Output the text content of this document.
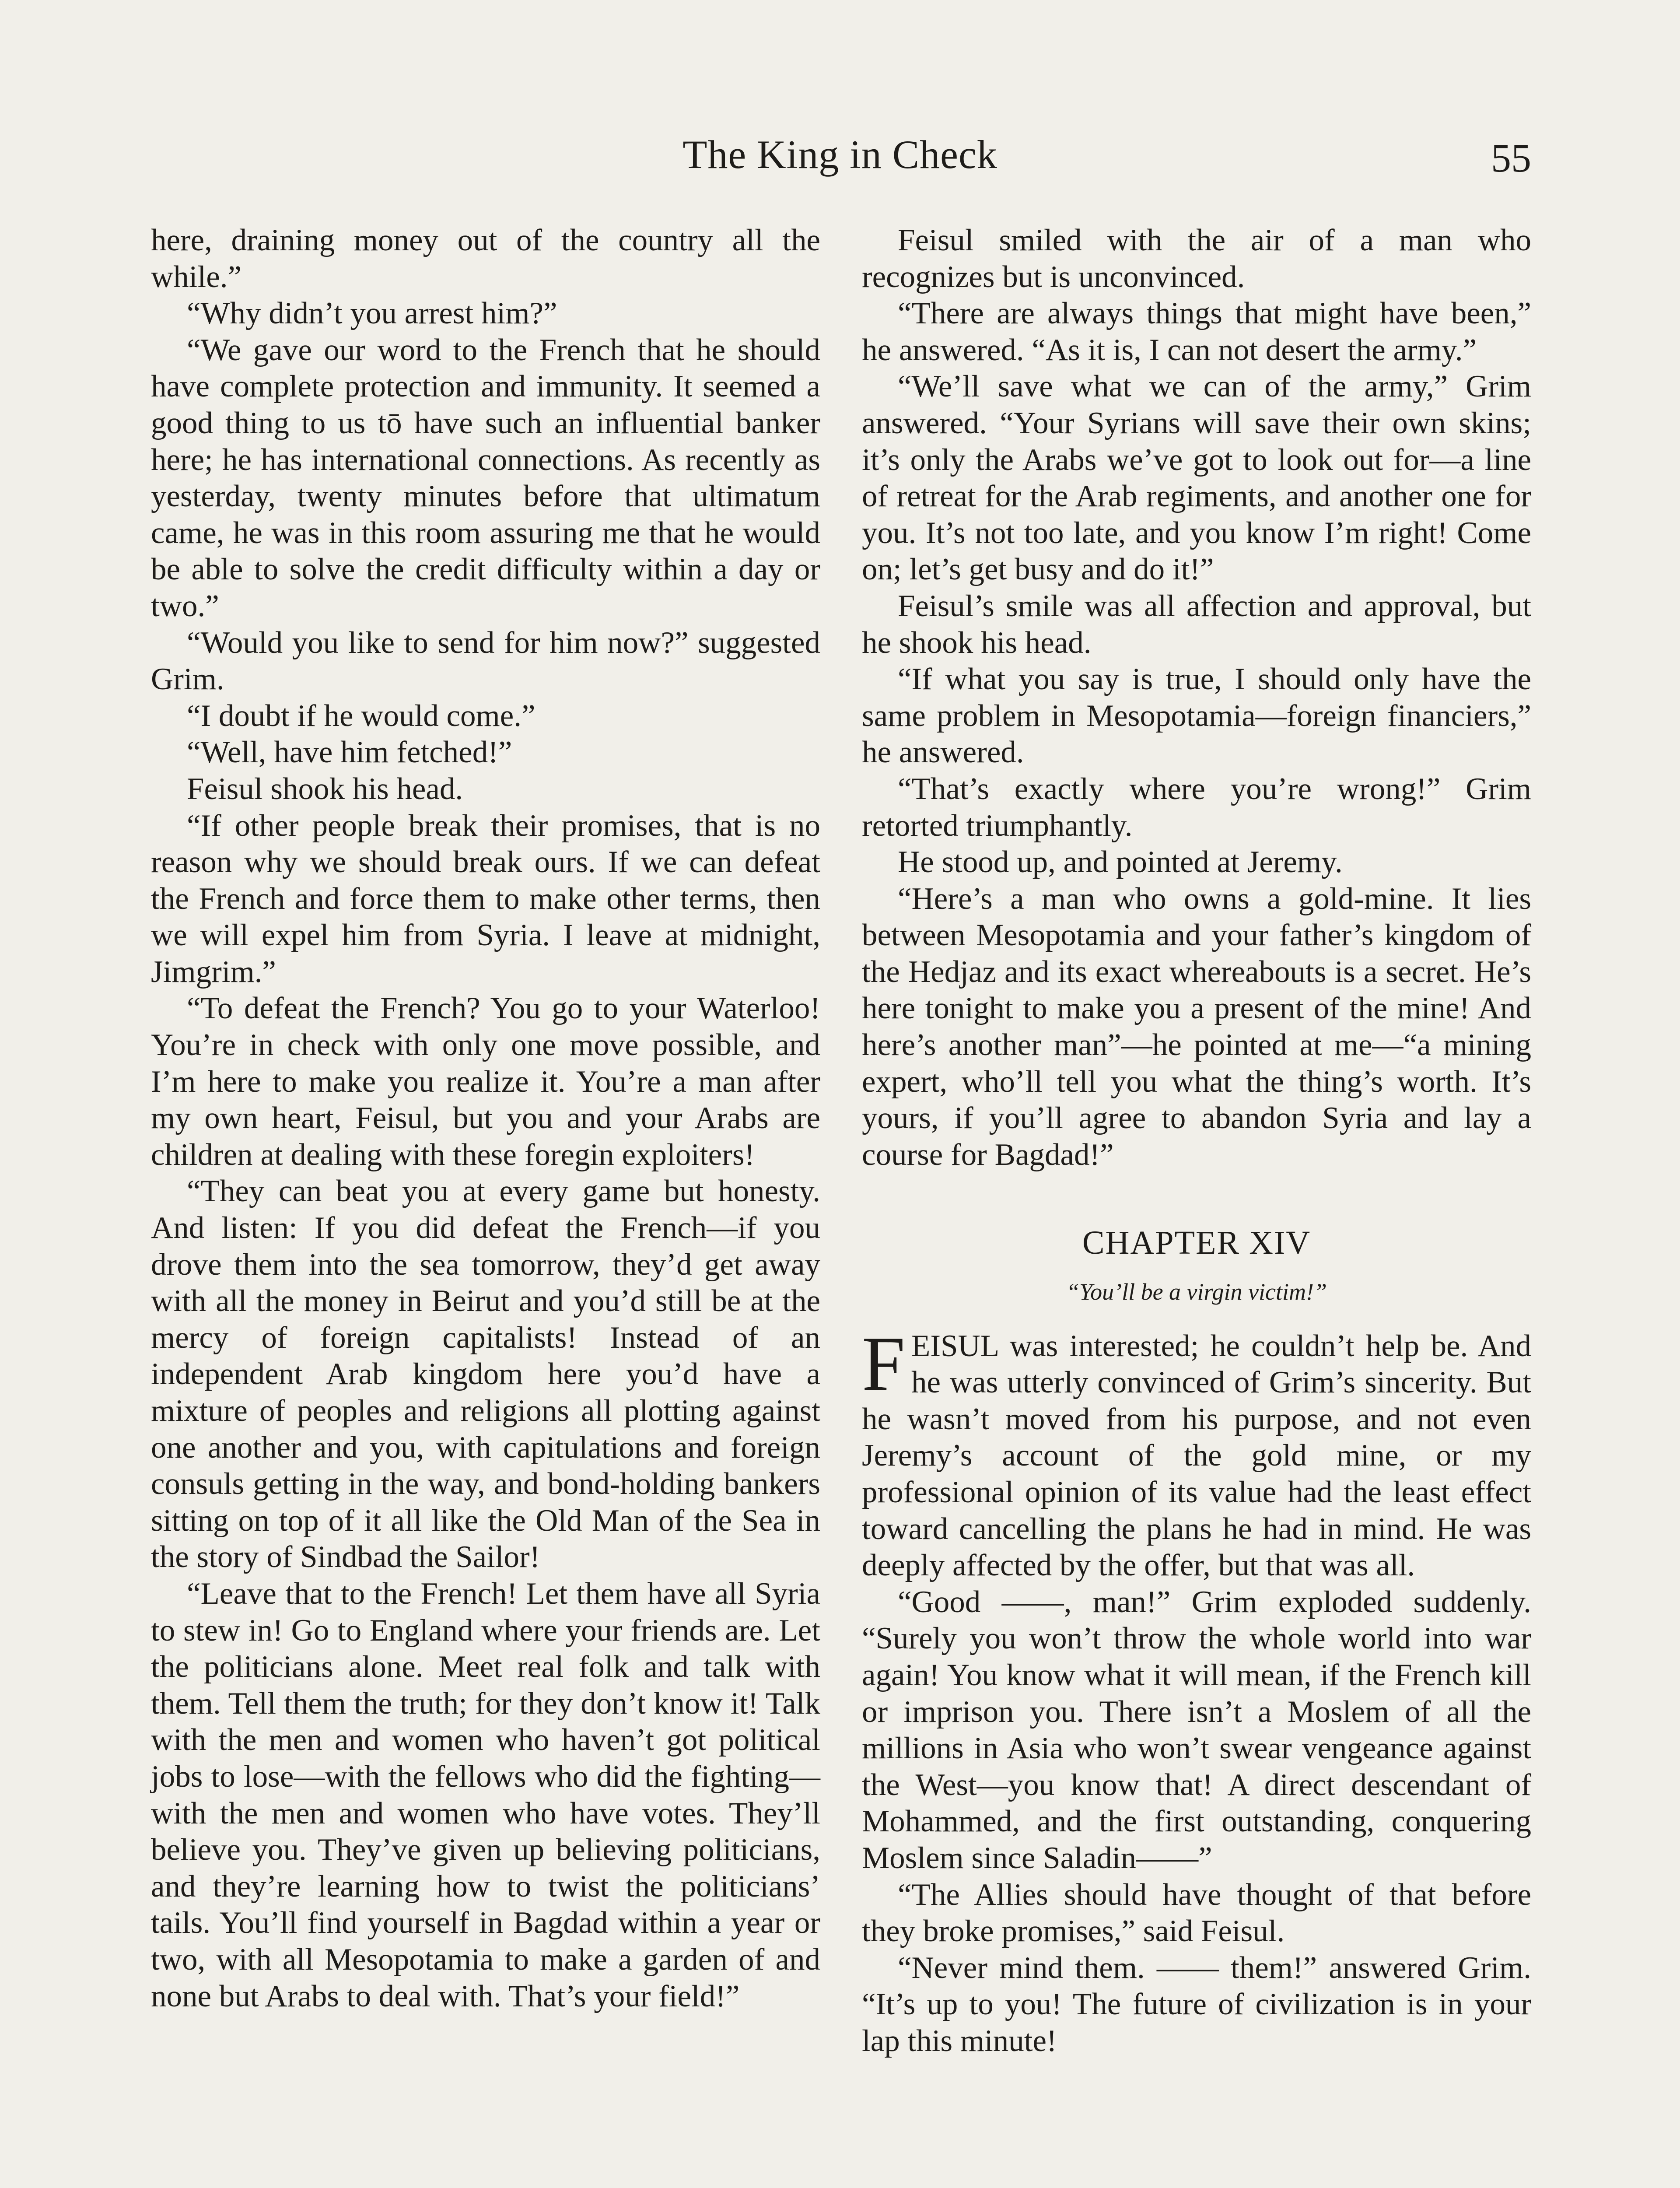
The King in Check	55

here, draining money out of the country all the while.”

“Why didn’t you arrest him?”

“We gave our word to the French that he should have complete protection and immunity. It seemed a good thing to us tō have such an influential banker here; he has international connections. As recently as yesterday, twenty minutes before that ultimatum came, he was in this room assuring me that he would be able to solve the credit difficulty within a day or two.”

“Would you like to send for him now?” suggested Grim.

“I doubt if he would come.”

“Well, have him fetched!”

Feisul shook his head.

“If other people break their promises, that is no reason why we should break ours. If we can defeat the French and force them to make other terms, then we will expel him from Syria. I leave at midnight, Jimgrim.”

“To defeat the French? You go to your Waterloo! You’re in check with only one move possible, and I’m here to make you realize it. You’re a man after my own heart, Feisul, but you and your Arabs are children at dealing with these foregin exploiters!

“They can beat you at every game but honesty. And listen: If you did defeat the French—if you drove them into the sea tomorrow, they’d get away with all the money in Beirut and you’d still be at the mercy of foreign capitalists! Instead of an independent Arab kingdom here you’d have a mixture of peoples and religions all plotting against one another and you, with capitulations and foreign consuls getting in the way, and bond-holding bankers sitting on top of it all like the Old Man of the Sea in the story of Sindbad the Sailor!

“Leave that to the French! Let them have all Syria to stew in! Go to England where your friends are. Let the politicians alone. Meet real folk and talk with them. Tell them the truth; for they don’t know it! Talk with the men and women who haven’t got political jobs to lose—with the fellows who did the fighting—with the men and women who have votes. They’ll believe you. They’ve given up believing politicians, and they’re learning how to twist the politicians’ tails. You’ll find yourself in Bagdad within a year or two, with all Mesopotamia to make a garden of and none but Arabs to deal with. That’s your field!”

Feisul smiled with the air of a man who recognizes but is unconvinced.

“There are always things that might have been,” he answered. “As it is, I can not desert the army.”

“We’ll save what we can of the army,” Grim answered. “Your Syrians will save their own skins; it’s only the Arabs we’ve got to look out for—a line of retreat for the Arab regiments, and another one for you. It’s not too late, and you know I’m right! Come on; let’s get busy and do it!”

Feisul’s smile was all affection and approval, but he shook his head.

“If what you say is true, I should only have the same problem in Mesopotamia—foreign financiers,” he answered.

“That’s exactly where you’re wrong!” Grim retorted triumphantly.

He stood up, and pointed at Jeremy.

“Here’s a man who owns a gold-mine. It lies between Mesopotamia and your father’s kingdom of the Hedjaz and its exact whereabouts is a secret. He’s here tonight to make you a present of the mine! And here’s another man”—he pointed at me—“a mining expert, who’ll tell you what the thing’s worth. It’s yours, if you’ll agree to abandon Syria and lay a course for Bagdad!”

CHAPTER XIV
“You’ll be a virgin victim!”

FEISUL was interested; he couldn’t help be. And he was utterly convinced of Grim’s sincerity. But he wasn’t moved from his purpose, and not even Jeremy’s account of the gold mine, or my professional opinion of its value had the least effect toward cancelling the plans he had in mind. He was deeply affected by the offer, but that was all.

“Good ——, man!” Grim exploded suddenly. “Surely you won’t throw the whole world into war again! You know what it will mean, if the French kill or imprison you. There isn’t a Moslem of all the millions in Asia who won’t swear vengeance against the West—you know that! A direct descendant of Mohammed, and the first outstanding, conquering Moslem since Saladin——”

“The Allies should have thought of that before they broke promises,” said Feisul.

“Never mind them. —— them!” answered Grim. “It’s up to you! The future of civilization is in your lap this minute!
